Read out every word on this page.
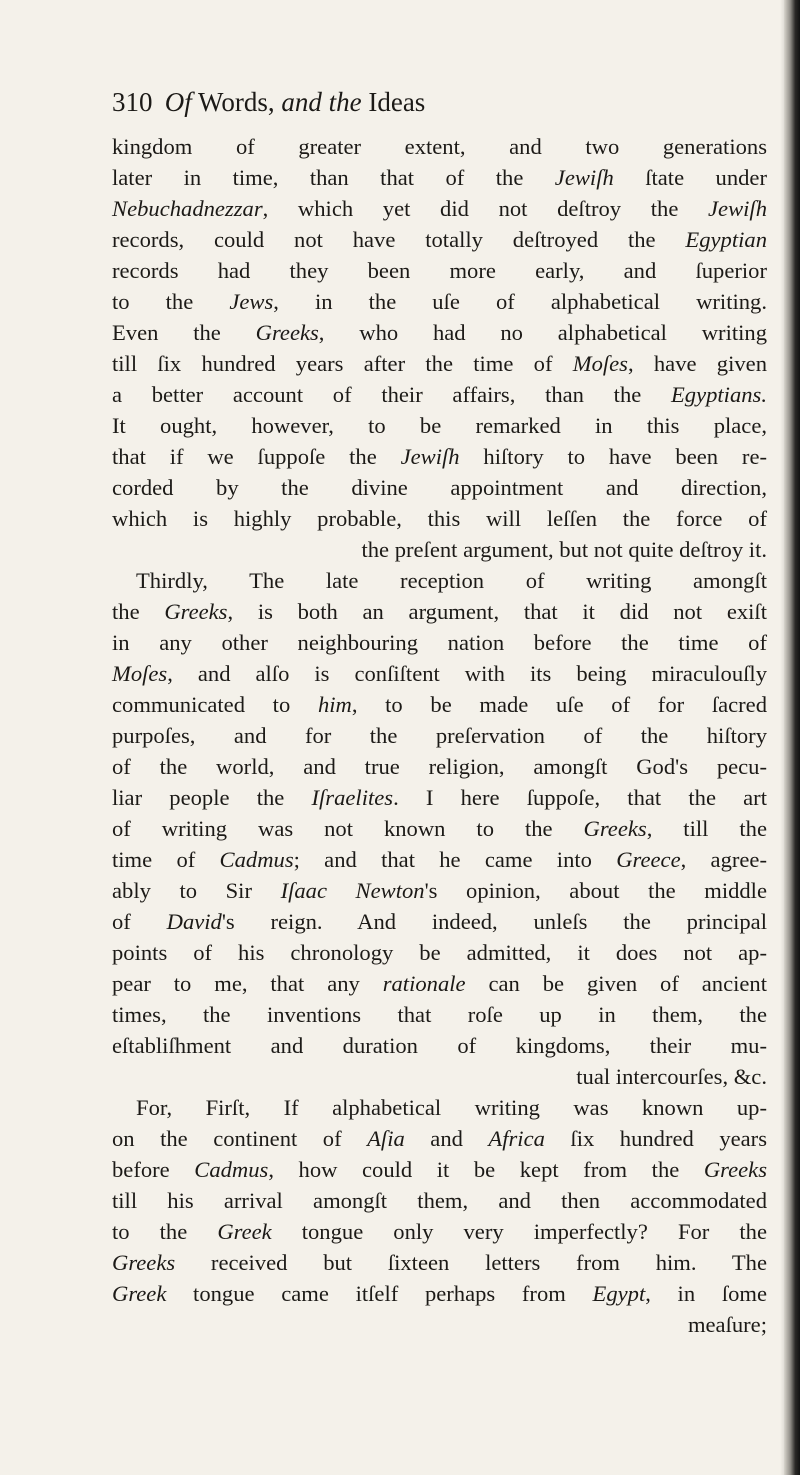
310 Of Words, and the Ideas
kingdom of greater extent, and two generations
later in time, than that of the Jewiſh ſtate under
Nebuchadnezzar, which yet did not deſtroy the Jewiſh
records, could not have totally deſtroyed the Egyptian
records had they been more early, and ſuperior
to the Jews, in the uſe of alphabetical writing.
Even the Greeks, who had no alphabetical writing
till ſix hundred years after the time of Moſes, have given
a better account of their affairs, than the Egyptians.
It ought, however, to be remarked in this place,
that if we ſuppoſe the Jewiſh hiſtory to have been re-
corded by the divine appointment and direction,
which is highly probable, this will leſſen the force of
the preſent argument, but not quite deſtroy it.
Thirdly, The late reception of writing amongſt
the Greeks, is both an argument, that it did not exiſt
in any other neighbouring nation before the time of
Moſes, and alſo is conſiſtent with its being miraculouſly
communicated to him, to be made uſe of for ſacred
purpoſes, and for the preſervation of the hiſtory
of the world, and true religion, amongſt God's pecu-
liar people the Iſraelites. I here ſuppoſe, that the art
of writing was not known to the Greeks, till the
time of Cadmus; and that he came into Greece, agree-
ably to Sir Iſaac Newton's opinion, about the middle
of David's reign. And indeed, unleſs the principal
points of his chronology be admitted, it does not ap-
pear to me, that any rationale can be given of ancient
times, the inventions that roſe up in them, the
eſtabliſhment and duration of kingdoms, their mu-
tual intercourſes, &c.
For, Firſt, If alphabetical writing was known up-
on the continent of Aſia and Africa ſix hundred years
before Cadmus, how could it be kept from the Greeks
till his arrival amongſt them, and then accommodated
to the Greek tongue only very imperfectly? For the
Greeks received but ſixteen letters from him. The
Greek tongue came itſelf perhaps from Egypt, in ſome
meaſure;
